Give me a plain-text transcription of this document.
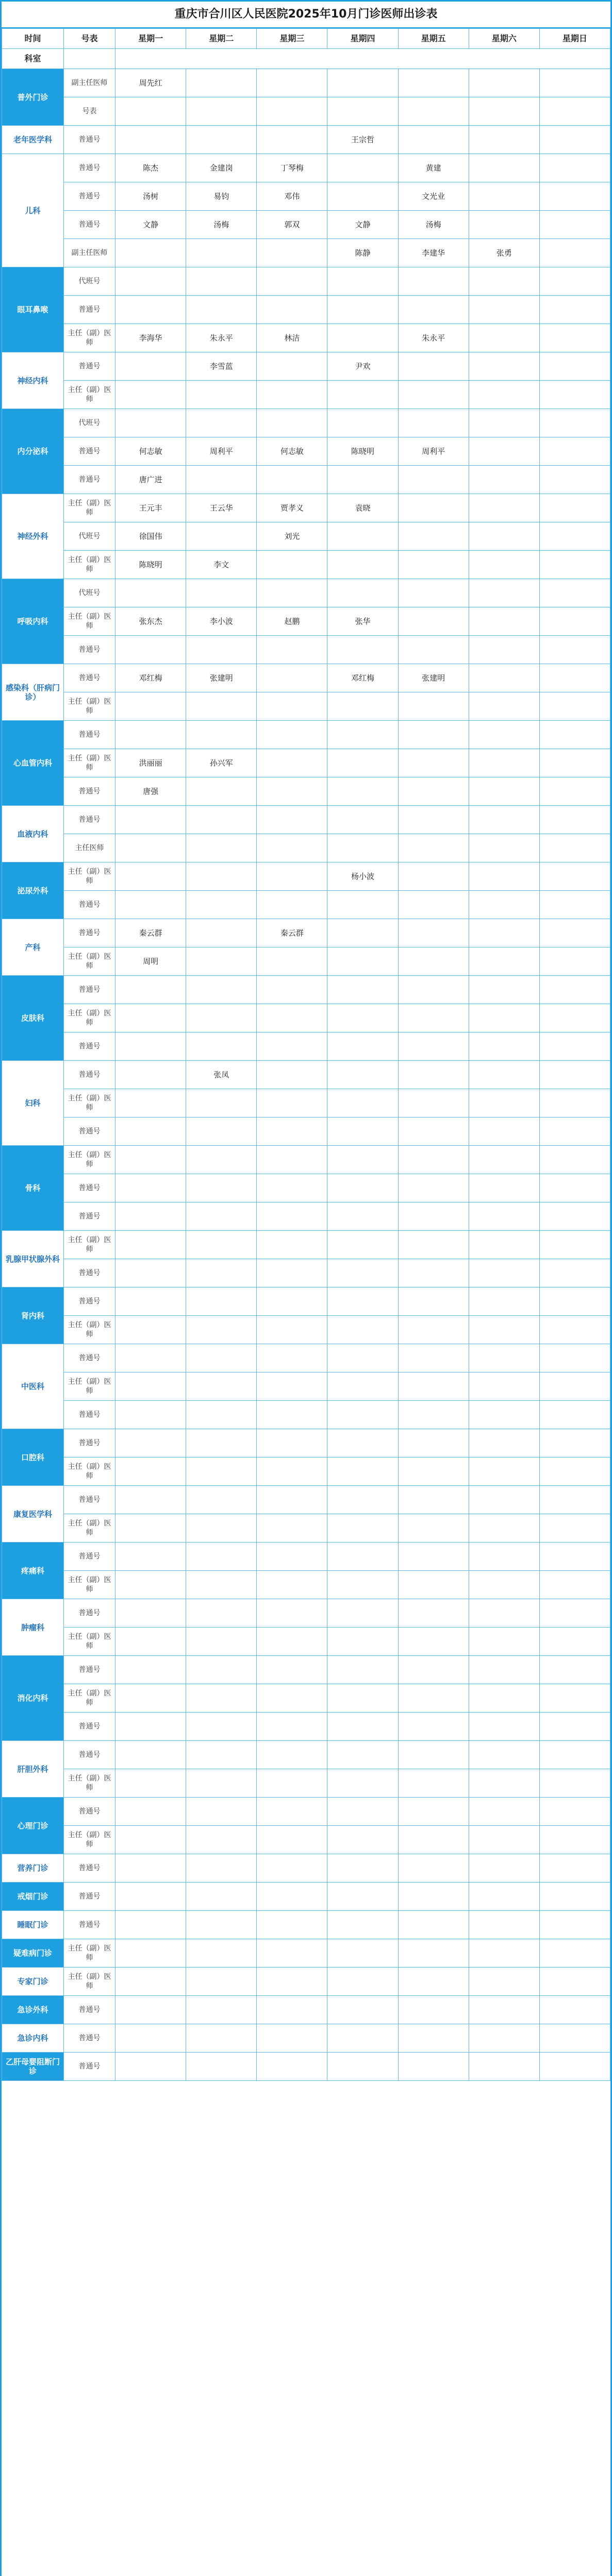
重庆市合川区人民医院2025年10月门诊医师出诊表
时间	号表	星期一	星期二	星期三	星期四	星期五	星期六	星期日
科室								
普外门诊	副主任医师	周先红						
	号表							
老年医学科	普通号				王宗哲			
儿科	普通号	陈杰	金建岗	丁琴梅		黄建		
	普通号	汤树	易钧	邓伟		文光业		
	普通号	文静	汤梅	郭双	文静	汤梅		
	副主任医师				陈静	李建华	张勇	
眼耳鼻喉	代班号							
	普通号							
	主任（副）医师	李海华	朱永平	林洁		朱永平		
神经内科	普通号		李雪蓝		尹欢			
	主任（副）医师							
内分泌科	代班号							
	普通号	何志敏	周利平	何志敏	陈晓明	周利平		
	普通号	唐广进						
神经外科	主任（副）医师	王元丰	王云华	贾孝义	袁晓			
	代班号	徐国伟		刘光				
	主任（副）医师	陈晓明	李文					
呼吸内科	代班号							
	主任（副）医师	张东杰	李小波	赵鹏	张华			
	普通号							
感染科（肝病门诊）	普通号	邓红梅	张建明		邓红梅	张建明		
	主任（副）医师							
心血管内科	普通号							
	主任（副）医师	洪丽丽	孙兴军					
	普通号	唐强						
血液内科	普通号							
	主任医师							
泌尿外科	主任（副）医师				杨小波			
	普通号							
产科	普通号	秦云群		秦云群				
	主任（副）医师	周明						
皮肤科	普通号							
	主任（副）医师							
	普通号							
妇科	普通号		张凤					
	主任（副）医师							
	普通号							
骨科	主任（副）医师							
	普通号							
	普通号							
乳腺甲状腺外科	主任（副）医师							
	普通号							
肾内科	普通号							
	主任（副）医师							
中医科	普通号							
	主任（副）医师							
	普通号							
口腔科	普通号							
	主任（副）医师							
康复医学科	普通号							
	主任（副）医师							
疼痛科	普通号							
	主任（副）医师							
肿瘤科	普通号							
	主任（副）医师							
消化内科	普通号							
	主任（副）医师							
	普通号							
肝胆外科	普通号							
	主任（副）医师							
心理门诊	普通号							
	主任（副）医师							
营养门诊	普通号							
戒烟门诊	普通号							
睡眠门诊	普通号							
疑难病门诊	主任（副）医师							
专家门诊	主任（副）医师							
急诊外科	普通号							
急诊内科	普通号							
乙肝母婴阻断门诊	普通号							
